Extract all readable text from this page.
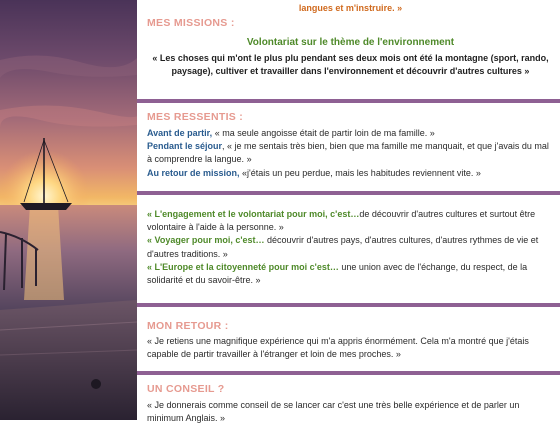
langues et m'instruire. »
MES MISSIONS :
Volontariat sur le thème de l'environnement
« Les choses qui m'ont le plus plu pendant ses deux mois ont été la montagne (sport, rando, paysage), cultiver et travailler dans l'environnement et découvrir d'autres cultures »
MES RESSENTIS :
Avant de partir, « ma seule angoisse était de partir loin de ma famille. »
Pendant le séjour, « je me sentais très bien, bien que ma famille me manquait, et que j'avais du mal à comprendre la langue. »
Au retour de mission, «j'étais un peu perdue, mais les habitudes reviennent vite. »
« L'engagement et le volontariat pour moi, c'est…de découvrir d'autres cultures et surtout être volontaire à l'aide à la personne. »
« Voyager pour moi, c'est… découvrir d'autres pays, d'autres cultures, d'autres rythmes de vie et d'autres traditions. »
« L'Europe et la citoyenneté pour moi c'est… une union avec de l'échange, du respect, de la solidarité et du savoir-être. »
MON RETOUR :
« Je retiens une magnifique expérience qui m'a appris énormément. Cela m'a montré que j'étais capable de partir travailler à l'étranger et loin de mes proches. »
UN CONSEIL ?
« Je donnerais comme conseil de se lancer car c'est une très belle expérience et de parler un minimum Anglais. »
